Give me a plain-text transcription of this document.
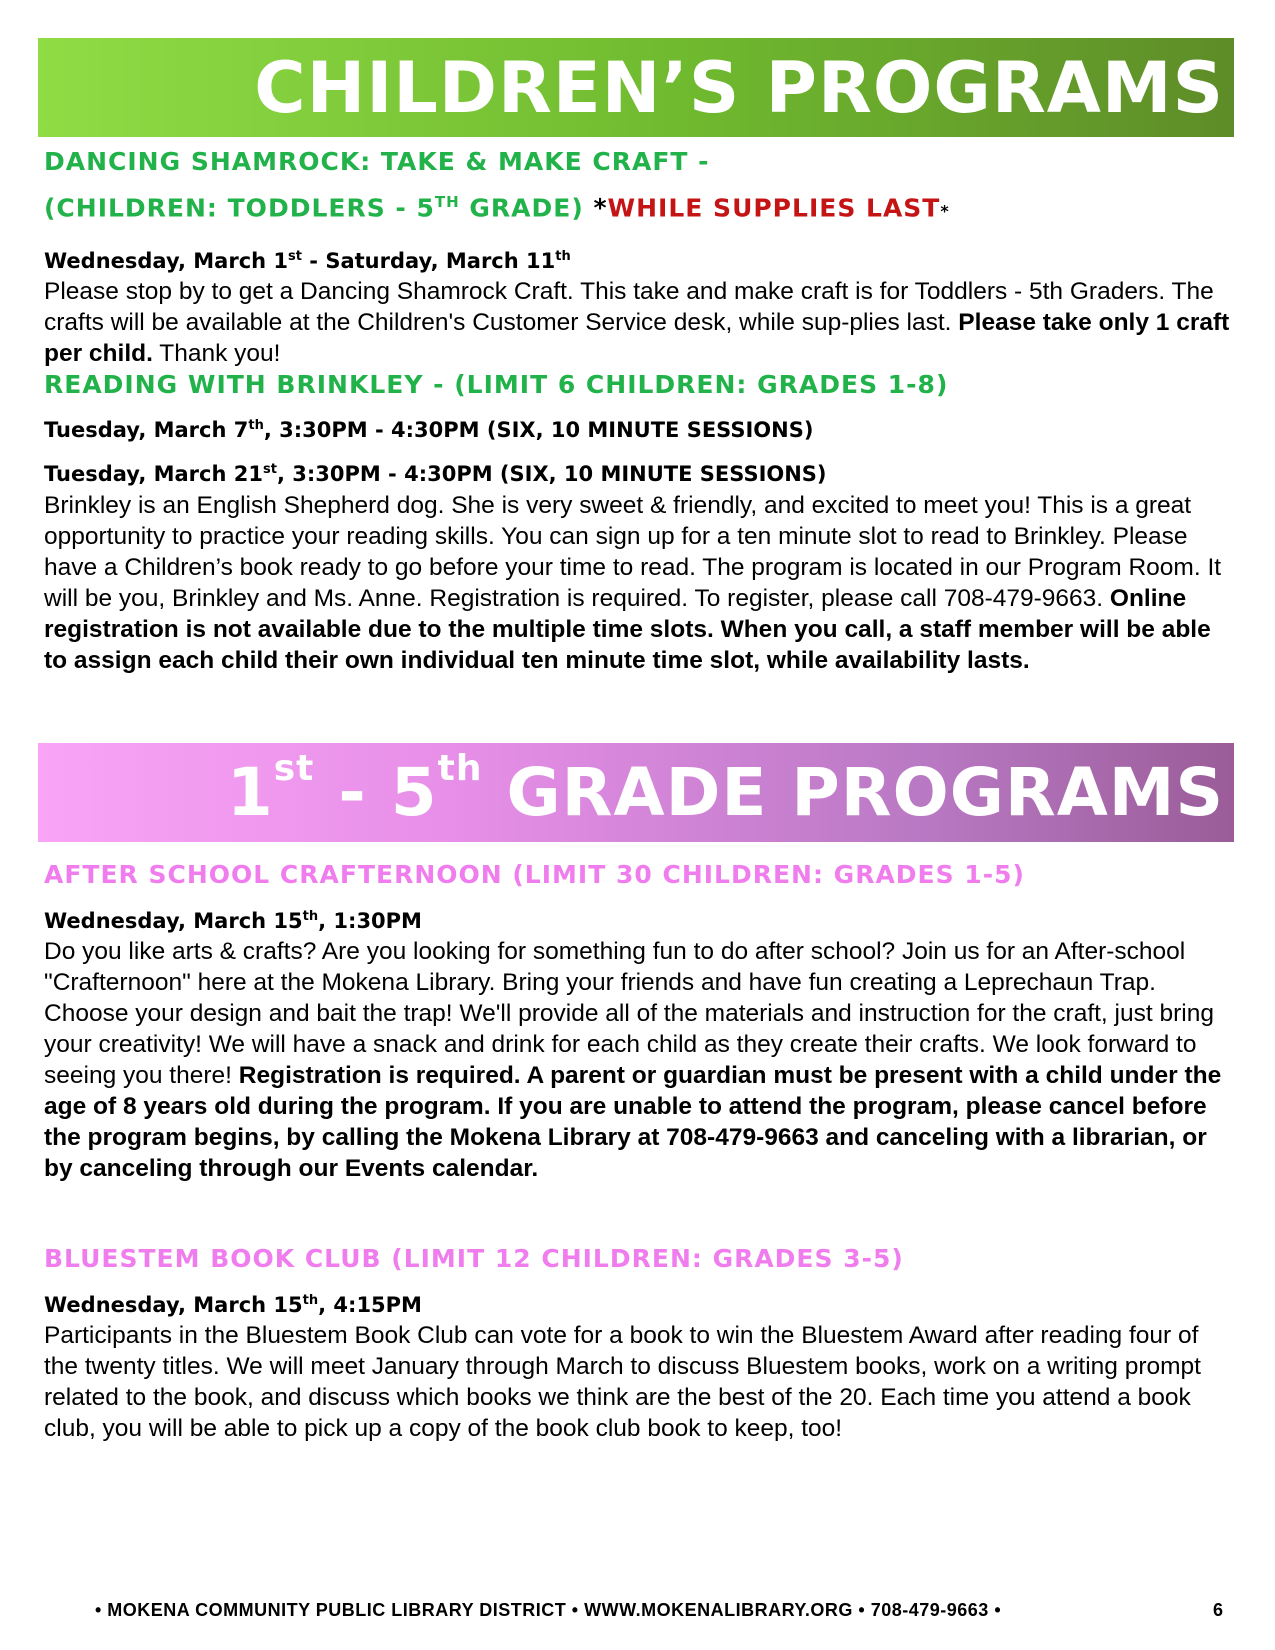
CHILDREN’S PROGRAMS

DANCING SHAMROCK: TAKE & MAKE CRAFT -

(CHILDREN: TODDLERS - 5TH GRADE) *WHILE SUPPLIES LAST*

Wednesday, March 1st - Saturday, March 11th

Please stop by to get a Dancing Shamrock Craft. This take and make craft is for Toddlers - 5th Graders. The crafts will be available at the Children's Customer Service desk, while sup-plies last. Please take only 1 craft per child. Thank you!

READING WITH BRINKLEY - (LIMIT 6 CHILDREN: GRADES 1-8)

Tuesday, March 7th, 3:30PM - 4:30PM (SIX, 10 MINUTE SESSIONS)

Tuesday, March 21st, 3:30PM - 4:30PM (SIX, 10 MINUTE SESSIONS)

Brinkley is an English Shepherd dog. She is very sweet & friendly, and excited to meet you! This is a great opportunity to practice your reading skills. You can sign up for a ten minute slot to read to Brinkley. Please have a Children’s book ready to go before your time to read. The program is located in our Program Room. It will be you, Brinkley and Ms. Anne. Registration is required. To register, please call 708-479-9663. Online registration is not available due to the multiple time slots. When you call, a staff member will be able to assign each child their own individual ten minute time slot, while availability lasts.

1st - 5th GRADE PROGRAMS

AFTER SCHOOL CRAFTERNOON (LIMIT 30 CHILDREN: GRADES 1-5)

Wednesday, March 15th, 1:30PM

Do you like arts & crafts? Are you looking for something fun to do after school? Join us for an After-school "Crafternoon" here at the Mokena Library. Bring your friends and have fun creating a Leprechaun Trap. Choose your design and bait the trap! We'll provide all of the materials and instruction for the craft, just bring your creativity! We will have a snack and drink for each child as they create their crafts. We look forward to seeing you there! Registration is required. A parent or guardian must be present with a child under the age of 8 years old during the program. If you are unable to attend the program, please cancel before the program begins, by calling the Mokena Library at 708-479-9663 and canceling with a librarian, or by canceling through our Events calendar.

BLUESTEM BOOK CLUB (LIMIT 12 CHILDREN: GRADES 3-5)

Wednesday, March 15th, 4:15PM

Participants in the Bluestem Book Club can vote for a book to win the Bluestem Award after reading four of the twenty titles. We will meet January through March to discuss Bluestem books, work on a writing prompt related to the book, and discuss which books we think are the best of the 20. Each time you attend a book club, you will be able to pick up a copy of the book club book to keep, too!

• MOKENA COMMUNITY PUBLIC LIBRARY DISTRICT • WWW.MOKENALIBRARY.ORG • 708-479-9663 •	6
